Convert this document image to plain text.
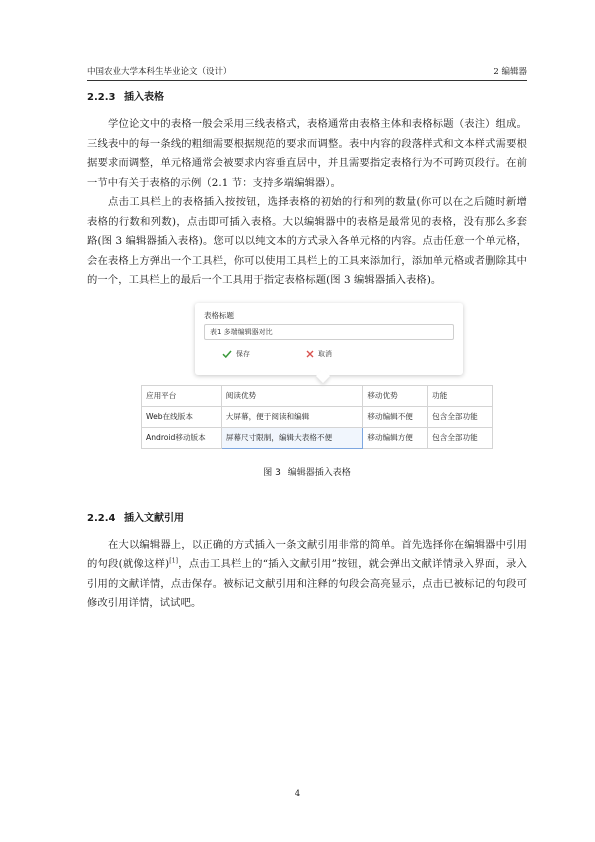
中国农业大学本科生毕业论文（设计）	2 编辑器
2.2.3 插入表格

学位论文中的表格一般会采用三线表格式，表格通常由表格主体和表格标题（表注）组成。三线表中的每一条线的粗细需要根据规范的要求而调整。表中内容的段落样式和文本样式需要根据要求而调整，单元格通常会被要求内容垂直居中，并且需要指定表格行为不可跨页段行。在前一节中有关于表格的示例（2.1 节：支持多端编辑器）。

点击工具栏上的表格插入按按钮，选择表格的初始的行和列的数量(你可以在之后随时新增表格的行数和列数)，点击即可插入表格。大以编辑器中的表格是最常见的表格，没有那么多套路(图 3 编辑器插入表格)。您可以以纯文本的方式录入各单元格的内容。点击任意一个单元格，会在表格上方弹出一个工具栏，你可以使用工具栏上的工具来添加行，添加单元格或者删除其中的一个，工具栏上的最后一个工具用于指定表格标题(图 3 编辑器插入表格)。

表格标题
表1 多端编辑器对比
保存	取消
应用平台	阅读优势	移动优势	功能
Web在线版本	大屏幕，便于阅读和编辑	移动编辑不便	包含全部功能
Android移动版本	屏幕尺寸限制，编辑大表格不便	移动编辑方便	包含全部功能
图 3 编辑器插入表格
2.2.4 插入文献引用

在大以编辑器上，以正确的方式插入一条文献引用非常的简单。首先选择你在编辑器中引用的句段(就像这样)[1]，点击工具栏上的“插入文献引用”按钮，就会弹出文献详情录入界面，录入引用的文献详情，点击保存。被标记文献引用和注释的句段会高亮显示，点击已被标记的句段可修改引用详情，试试吧。

4
